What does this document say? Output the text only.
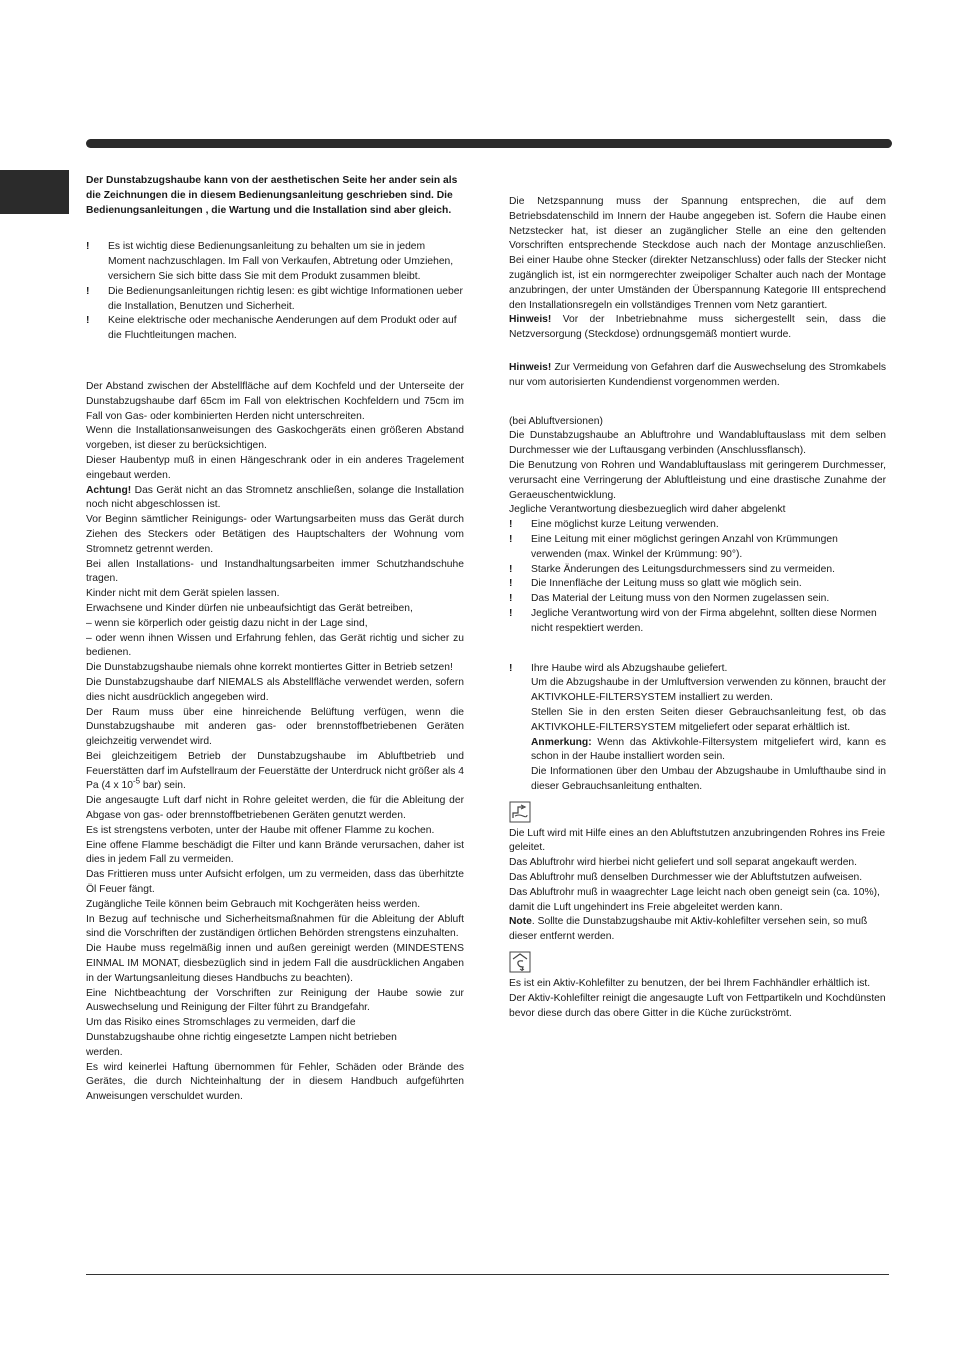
Der Dunstabzugshaube kann von der aesthetischen Seite her ander sein als die Zeichnungen die in diesem Bedienungsanleitung geschrieben sind. Die Bedienungsanleitungen , die Wartung und die Installation sind aber gleich.

!	Es ist wichtig diese Bedienungsanleitung zu behalten um sie in jedem Moment nachzuschlagen. Im Fall von Verkaufen, Abtretung oder Umziehen, versichern Sie sich bitte dass Sie mit dem Produkt zusammen bleibt.
!	Die Bedienungsanleitungen richtig lesen: es gibt wichtige Informationen ueber die Installation, Benutzen und Sicherheit.
!	Keine elektrische oder mechanische Aenderungen auf dem Produkt oder auf die Fluchtleitungen machen.

Der Abstand zwischen der Abstellfläche auf dem Kochfeld und der Unterseite der Dunstabzugshaube darf 65cm im Fall von elektrischen Kochfeldern und 75cm im Fall von Gas- oder kombinierten Herden nicht unterschreiten.

Wenn die Installationsanweisungen des Gaskochgeräts einen größeren Abstand vorgeben, ist dieser zu berücksichtigen.

Dieser Haubentyp muß in einen Hängeschrank oder in ein anderes Tragelement eingebaut werden.

Achtung! Das Gerät nicht an das Stromnetz anschließen, solange die Installation noch nicht abgeschlossen ist.

Vor Beginn sämtlicher Reinigungs- oder Wartungsarbeiten muss das Gerät durch Ziehen des Steckers oder Betätigen des Hauptschalters der Wohnung vom Stromnetz getrennt werden.

Bei allen Installations- und Instandhaltungsarbeiten immer Schutzhandschuhe tragen.

Kinder nicht mit dem Gerät spielen lassen.

Erwachsene und Kinder dürfen nie unbeaufsichtigt das Gerät betreiben,

– wenn sie körperlich oder geistig dazu nicht in der Lage sind,

– oder wenn ihnen Wissen und Erfahrung fehlen, das Gerät richtig und sicher zu bedienen.

Die Dunstabzugshaube niemals ohne korrekt montiertes Gitter in Betrieb setzen!

Die Dunstabzugshaube darf NIEMALS als Abstellfläche verwendet werden, sofern dies nicht ausdrücklich angegeben wird.

Der Raum muss über eine hinreichende Belüftung verfügen, wenn die Dunstabzugshaube mit anderen gas- oder brennstoffbetriebenen Geräten gleichzeitig verwendet wird.

Bei gleichzeitigem Betrieb der Dunstabzugshaube im Abluftbetrieb und Feuerstätten darf im Aufstellraum der Feuerstätte der Unterdruck nicht größer als 4 Pa (4 x $10^{-5}$ bar) sein.

Die angesaugte Luft darf nicht in Rohre geleitet werden, die für die Ableitung der Abgase von gas- oder brennstoffbetriebenen Geräten genutzt werden.

Es ist strengstens verboten, unter der Haube mit offener Flamme zu kochen.

Eine offene Flamme beschädigt die Filter und kann Brände verursachen, daher ist dies in jedem Fall zu vermeiden.

Das Frittieren muss unter Aufsicht erfolgen, um zu vermeiden, dass das überhitzte Öl Feuer fängt.

Zugängliche Teile können beim Gebrauch mit Kochgeräten heiss werden.

In Bezug auf technische und Sicherheitsmaßnahmen für die Ableitung der Abluft sind die Vorschriften der zuständigen örtlichen Behörden strengstens einzuhalten.

Die Haube muss regelmäßig innen und außen gereinigt werden (MINDESTENS EINMAL IM MONAT, diesbezüglich sind in jedem Fall die ausdrücklichen Angaben in der Wartungsanleitung dieses Handbuchs zu beachten).

Eine Nichtbeachtung der Vorschriften zur Reinigung der Haube sowie zur Auswechselung und Reinigung der Filter führt zu Brandgefahr.

Um das Risiko eines Stromschlages zu vermeiden, darf die

Dunstabzugshaube ohne richtig eingesetzte Lampen nicht betrieben

werden.

Es wird keinerlei Haftung übernommen für Fehler, Schäden oder Brände des Gerätes, die durch Nichteinhaltung der in diesem Handbuch aufgeführten Anweisungen verschuldet wurden.

Die Netzspannung muss der Spannung entsprechen, die auf dem Betriebsdatenschild im Innern der Haube angegeben ist. Sofern die Haube einen Netzstecker hat, ist dieser an zugänglicher Stelle an eine den geltenden Vorschriften entsprechende Steckdose auch nach der Montage anzuschließen. Bei einer Haube ohne Stecker (direkter Netzanschluss) oder falls der Stecker nicht zugänglich ist, ist ein normgerechter zweipoliger Schalter auch nach der Montage anzubringen, der unter Umständen der Überspannung Kategorie III entsprechend den Installationsregeln ein vollständiges Trennen vom Netz garantiert.

Hinweis! Vor der Inbetriebnahme muss sichergestellt sein, dass die Netzversorgung (Steckdose) ordnungsgemäß montiert wurde.

Hinweis! Zur Vermeidung von Gefahren darf die Auswechselung des Stromkabels nur vom autorisierten Kundendienst vorgenommen werden.

(bei Abluftversionen)

Die Dunstabzugshaube an Abluftrohre und Wandabluftauslass mit dem selben Durchmesser wie der Luftausgang verbinden (Anschlussflansch).

Die Benutzung von Rohren und Wandabluftauslass mit geringerem Durchmesser, verursacht eine Verringerung der Abluftleistung und eine drastische Zunahme der Geraeuschentwicklung.

Jegliche Verantwortung diesbezueglich wird daher abgelenkt

!	Eine möglichst kurze Leitung verwenden.
!	Eine Leitung mit einer möglichst geringen Anzahl von Krümmungen verwenden (max. Winkel der Krümmung: 90°).
!	Starke Änderungen des Leitungsdurchmessers sind zu vermeiden.
!	Die Innenfläche der Leitung muss so glatt wie möglich sein.
!	Das Material der Leitung muss von den Normen zugelassen sein.
!	Jegliche Verantwortung wird von der Firma abgelehnt, sollten diese Normen nicht respektiert werden.
!	Ihre Haube wird als Abzugshaube geliefert.

Um die Abzugshaube in der Umluftversion verwenden zu können, braucht der AKTIVKOHLE-FILTERSYSTEM installiert zu werden.

Stellen Sie in den ersten Seiten dieser Gebrauchsanleitung fest, ob das AKTIVKOHLE-FILTERSYSTEM mitgeliefert oder separat erhältlich ist.

Anmerkung: Wenn das Aktivkohle-Filtersystem mitgeliefert wird, kann es schon in der Haube installiert worden sein.

Die Informationen über den Umbau der Abzugshaube in Umlufthaube sind in dieser Gebrauchsanleitung enthalten.

Die Luft wird mit Hilfe eines an den Abluftstutzen anzubringenden Rohres ins Freie geleitet.

Das Abluftrohr wird hierbei nicht geliefert und soll separat angekauft werden.

Das Abluftrohr muß denselben Durchmesser wie der Abluftstutzen aufweisen.

Das Abluftrohr muß in waagrechter Lage leicht nach oben geneigt sein (ca. 10%), damit die Luft ungehindert ins Freie abgeleitet werden kann.

Note. Sollte die Dunstabzugshaube mit Aktiv-kohlefilter versehen sein, so muß dieser entfernt werden.

Es ist ein Aktiv-Kohlefilter zu benutzen, der bei Ihrem Fachhändler erhältlich ist. Der Aktiv-Kohlefilter reinigt die angesaugte Luft von Fettpartikeln und Kochdünsten bevor diese durch das obere Gitter in die Küche zurückströmt.
